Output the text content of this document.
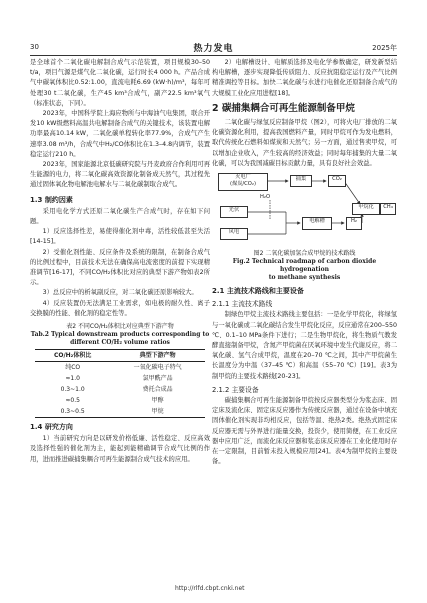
30	热力发电	2025年

是全球首个二氧化碳电解制合成气示范装置，项目规模30–50 t/a，项目气源是煤气化二氧化碳，运行时长4 000 h。产品合成气中碳氧体积比0.52:1.00，直流电耗6.69 (kW·h)/m³，每年可处理30 t二氧化碳，生产45 km³合成气，副产22.5 km³氧气（标准状态，下同）。

2023年，中国科学院上海应物所与中海油气电集团，联合开发10 kW级燃料高温共电解制备合成气的关键技术，该装置电解功率最高10.14 kW，二氧化碳单程转化率77.9%，合成气产生速率3.08 m³/h，合成气中H₂/CO体积比在1.3–4.8内调节，装置稳定运行210 h。

2023年，国家能源北京低碳研究院与丹麦政府合作利用可再生能源的电力，将二氧化碳高效资源化制备成天然气，其过程先通过固体氧化物电解池电解水与二氧化碳制取合成气。

1.3 制约因素

采用电化学方式还原二氧化碳生产合成气时，存在如下问题。

1）反应选择性差，易使得催化剂中毒，活性较低甚至失活[14-15]。

2）受催化剂性能、反应条件及系统的限制，在制备合成气的比例过程中，目前技术无法在确保高电流密度的前提下实现精准调节[16-17]，不同CO/H₂体积比对应的典型下游产物如表2所示。

3）总反应中的析氧副反应，对二氧化碳还原影响较大。

4）反应装置仍无法满足工业需求，如电极的耐久性、离子交换膜的性能、催化剂的稳定性等。

表2 不同CO/H₂体积比对应典型下游产物
Tab.2 Typical downstream products corresponding to
different CO/H₂ volume ratios
CO/H₂体积比	典型下游产物
纯CO	一氧化碳电子特气
≈1.0	氯甲酰产品
0.3~1.0	费托合成品
≈0.5	甲醇
0.3~0.5	甲烷
1.4 研究方向

1）当前研究方向是以研发价格低廉、活性稳定、反应高效及选择性强的催化剂为主，能起到能精确调节合成气比例的作用，进而推进碳捕集耦合可再生能源制合成气技术的应用。

2）电解槽设计、电解质选择及电化学参数确定，研发新型结构电解槽，逐步实现降低传质阻力、反应抗阻稳定运行及产气比例精准调控等目标。加快二氧化碳与水进行电催化还原制备合成气的大规模工业化应用进程[18]。

2 碳捕集耦合可再生能源制备甲烷

二氧化碳与绿氢反应制备甲烷（图2），可将火电厂排放的二氧化碳资源化利用，提高我国燃料产量，同时甲烷可作为发电燃料，取代传统化石燃料如煤炭和天然气；另一方面，通过售卖甲烷，可以增加企业收入，产生较高的经济效益；同时每年捕集的大量二氧化碳，可以为我国减碳目标贡献力量，具有良好社会效益。

火电厂
(煤炭/CO₂)
捕集	CO₂
H₂O
光伏
风电
电解槽	H₂
甲烷化	CH₄
图2 二氧化碳加氢合成甲烷的技术路线
Fig.2 Technical roadmap of carbon dioxide hydrogenation
to methane synthesis
2.1 主流技术路线和主要设备
2.1.1 主流技术路线

制绿色甲烷主流技术路线主要包括：一是化学甲烷化，将绿氢与一氧化碳或二氧化碳结合发生甲烷化反应，反应通常在200–550 ℃、0.1–10 MPa条件下进行；二是生物甲烷化，将生物质气教发酵直接制备甲烷，含氮产甲烷菌在厌氧环境中发生代谢反应，将二氧化碳、氢气合成甲烷，温度在20–70 ℃之间，其中产甲烷菌生长温度分为中温（37–45 ℃）和高温（55–70 ℃）[19]。表3为制甲烷的主要技术路线[20-23]。

2.1.2 主要设备

碳捕集耦合可再生能源制备甲烷按反应器类型分为浆态床、固定床及流化床、固定床反应器作为传统反应器，通过在设备中填充固体催化剂实现非均相反应，包括等温、绝热2类。绝热式固定床反应器无需与外界进行能量交换，投资少，使用简便，在工业反应器中应用广泛，而流化床反应器和浆态床反应器在工业化使用时存在一定限制，目前暂未投入规模应用[24]。表4为制甲烷的主要设备。

http://rlfd.cbpt.cnki.net
